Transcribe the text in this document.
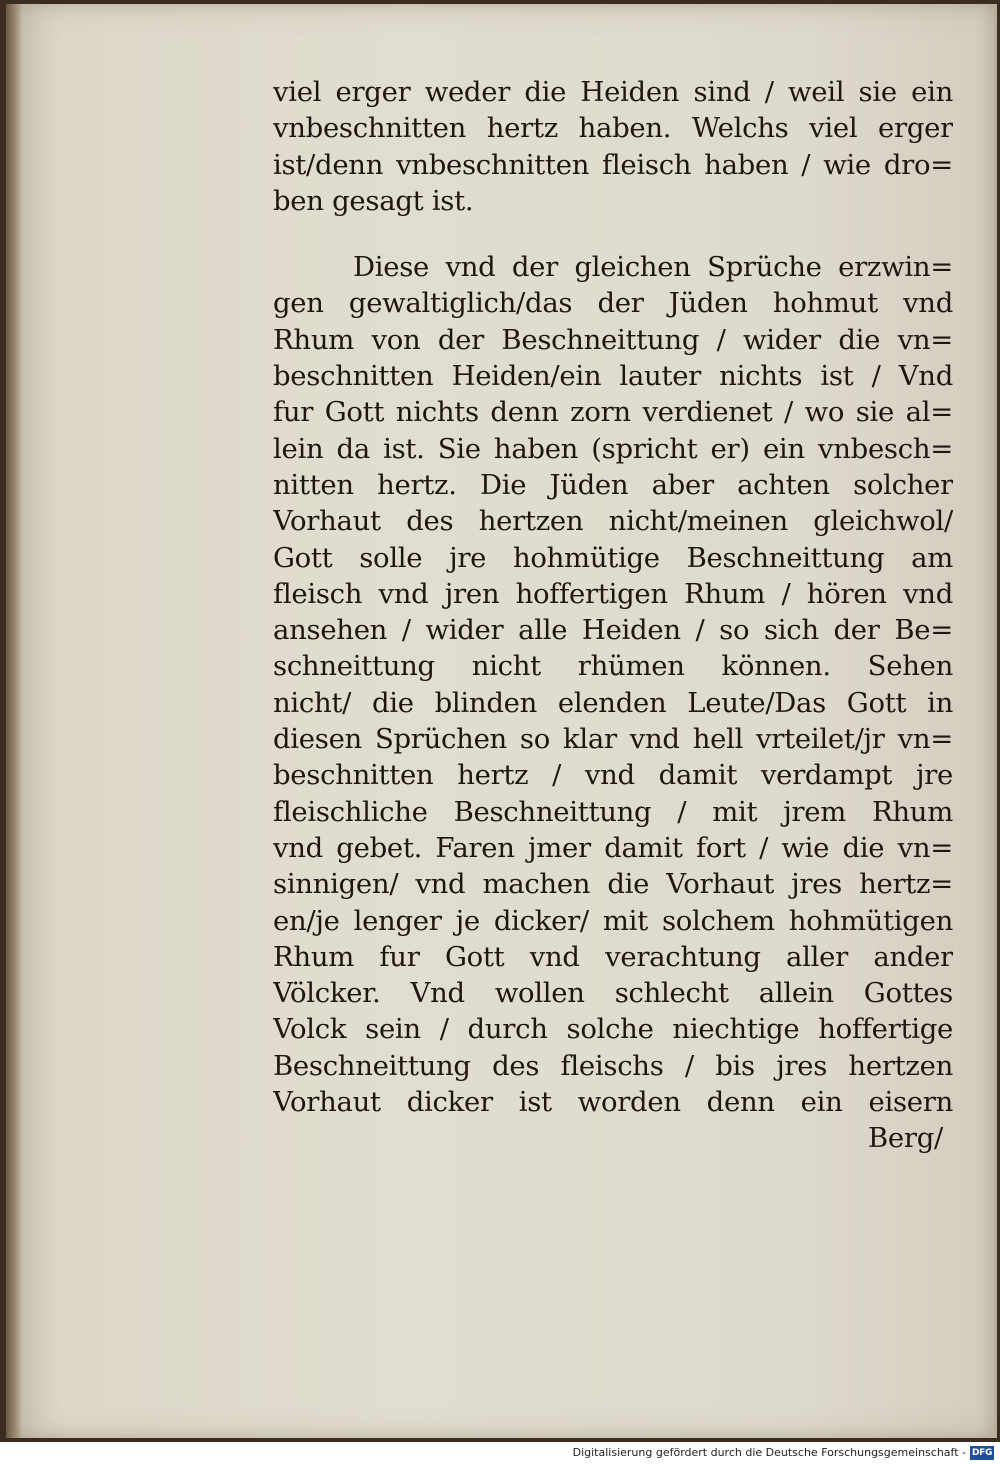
viel erger weder die Heiden sind / weil sie ein
vnbeschnitten hertz haben. Welchs viel erger
ist/denn vnbeschnitten fleisch haben / wie dro=
ben gesagt ist.
Diese vnd der gleichen Sprüche erzwin=
gen gewaltiglich/das der Jüden hohmut vnd
Rhum von der Beschneittung / wider die vn=
beschnitten Heiden/ein lauter nichts ist / Vnd
fur Gott nichts denn zorn verdienet / wo sie al=
lein da ist. Sie haben (spricht er) ein vnbesch=
nitten hertz. Die Jüden aber achten solcher
Vorhaut des hertzen nicht/meinen gleichwol/
Gott solle jre hohmütige Beschneittung am
fleisch vnd jren hoffertigen Rhum / hören vnd
ansehen / wider alle Heiden / so sich der Be=
schneittung nicht rhümen können. Sehen
nicht/ die blinden elenden Leute/Das Gott in
diesen Sprüchen so klar vnd hell vrteilet/jr vn=
beschnitten hertz / vnd damit verdampt jre
fleischliche Beschneittung / mit jrem Rhum
vnd gebet. Faren jmer damit fort / wie die vn=
sinnigen/ vnd machen die Vorhaut jres hertz=
en/je lenger je dicker/ mit solchem hohmütigen
Rhum fur Gott vnd verachtung aller ander
Völcker. Vnd wollen schlecht allein Gottes
Volck sein / durch solche niechtige hoffertige
Beschneittung des fleischs / bis jres hertzen
Vorhaut dicker ist worden denn ein eisern
Berg/
Digitalisierung gefördert durch die Deutsche Forschungsgemeinschaft - DFG
